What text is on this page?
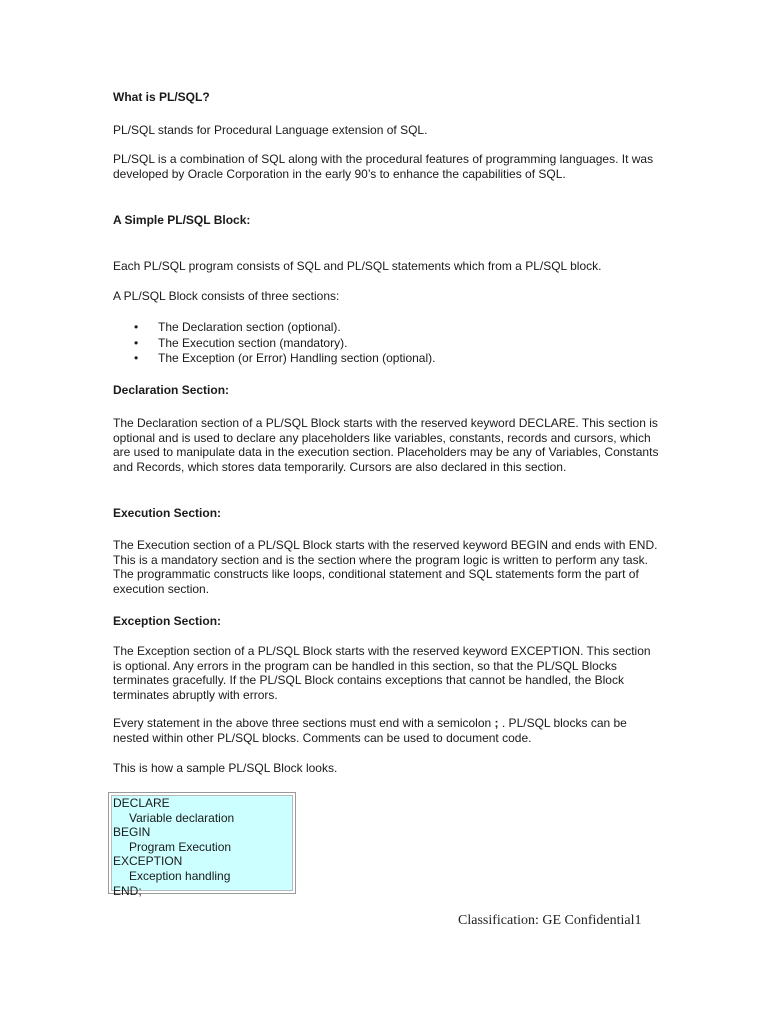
What is PL/SQL?

PL/SQL stands for Procedural Language extension of SQL.

PL/SQL is a combination of SQL along with the procedural features of programming languages. It was developed by Oracle Corporation in the early 90’s to enhance the capabilities of SQL.

A Simple PL/SQL Block:

Each PL/SQL program consists of SQL and PL/SQL statements which from a PL/SQL block.

A PL/SQL Block consists of three sections:

• The Declaration section (optional).
• The Execution section (mandatory).
• The Exception (or Error) Handling section (optional).
Declaration Section:

The Declaration section of a PL/SQL Block starts with the reserved keyword DECLARE. This section is optional and is used to declare any placeholders like variables, constants, records and cursors, which are used to manipulate data in the execution section. Placeholders may be any of Variables, Constants and Records, which stores data temporarily. Cursors are also declared in this section.

Execution Section:

The Execution section of a PL/SQL Block starts with the reserved keyword BEGIN and ends with END. This is a mandatory section and is the section where the program logic is written to perform any task. The programmatic constructs like loops, conditional statement and SQL statements form the part of execution section.

Exception Section:

The Exception section of a PL/SQL Block starts with the reserved keyword EXCEPTION. This section is optional. Any errors in the program can be handled in this section, so that the PL/SQL Blocks terminates gracefully. If the PL/SQL Block contains exceptions that cannot be handled, the Block terminates abruptly with errors.

Every statement in the above three sections must end with a semicolon ; . PL/SQL blocks can be nested within other PL/SQL blocks. Comments can be used to document code.

This is how a sample PL/SQL Block looks.

DECLARE
Variable declaration
BEGIN
Program Execution
EXCEPTION
Exception handling
END;
Classification: GE Confidential1
